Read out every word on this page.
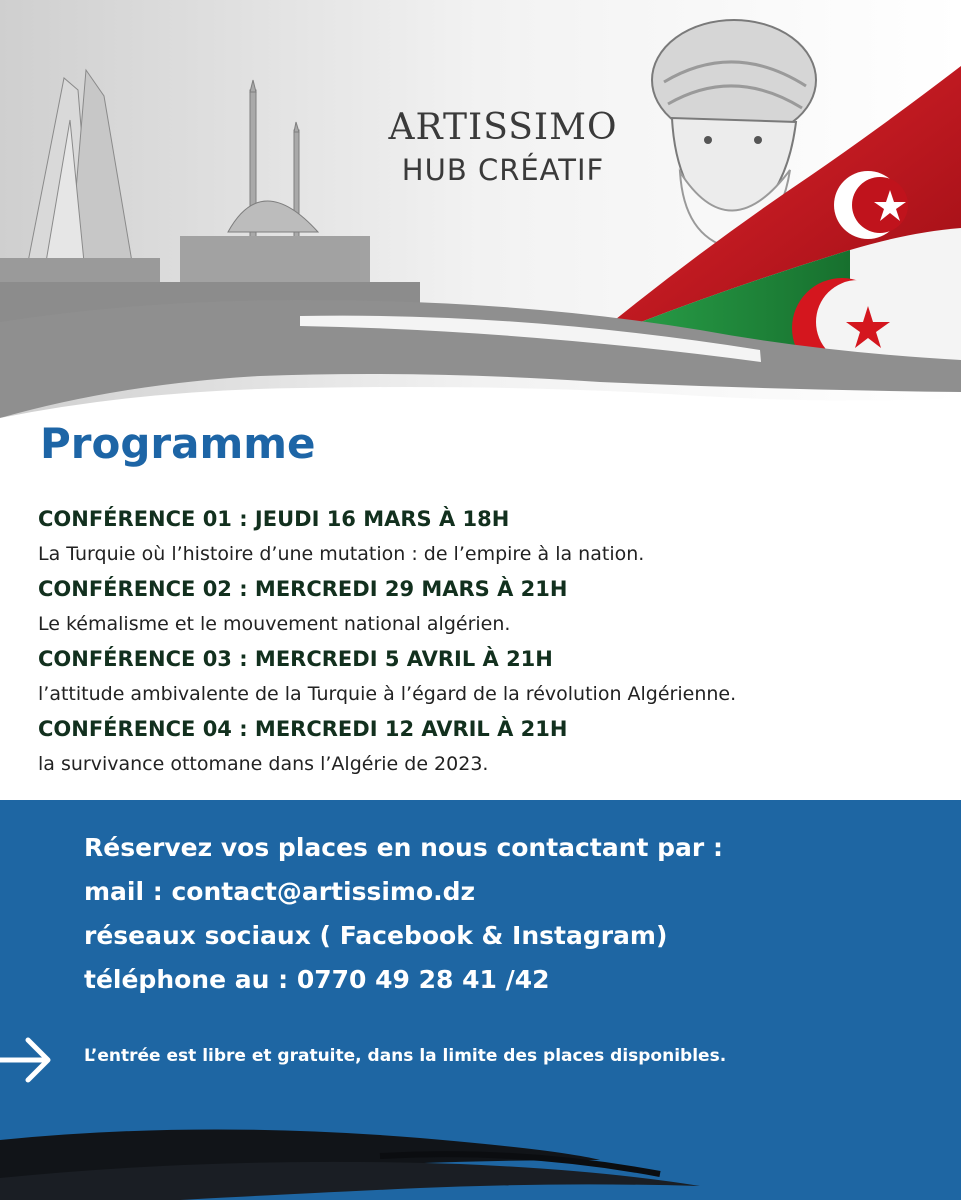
ARTISSIMO
HUB CRÉATIF
Programme
CONFÉRENCE 01 : JEUDI 16 MARS À 18H
La Turquie où l’histoire d’une mutation : de l’empire à la nation.
CONFÉRENCE 02 : MERCREDI 29 MARS À 21H
Le kémalisme et le mouvement national algérien.
CONFÉRENCE 03 : MERCREDI 5 AVRIL À 21H
l’attitude ambivalente de la Turquie à l’égard de la révolution Algérienne.
CONFÉRENCE 04 : MERCREDI 12 AVRIL À 21H
la survivance ottomane dans l’Algérie de 2023.
Réservez vos places en nous contactant par :
mail : contact@artissimo.dz
réseaux sociaux ( Facebook & Instagram)
téléphone au : 0770 49 28 41 /42
L’entrée est libre et gratuite, dans la limite des places disponibles.
